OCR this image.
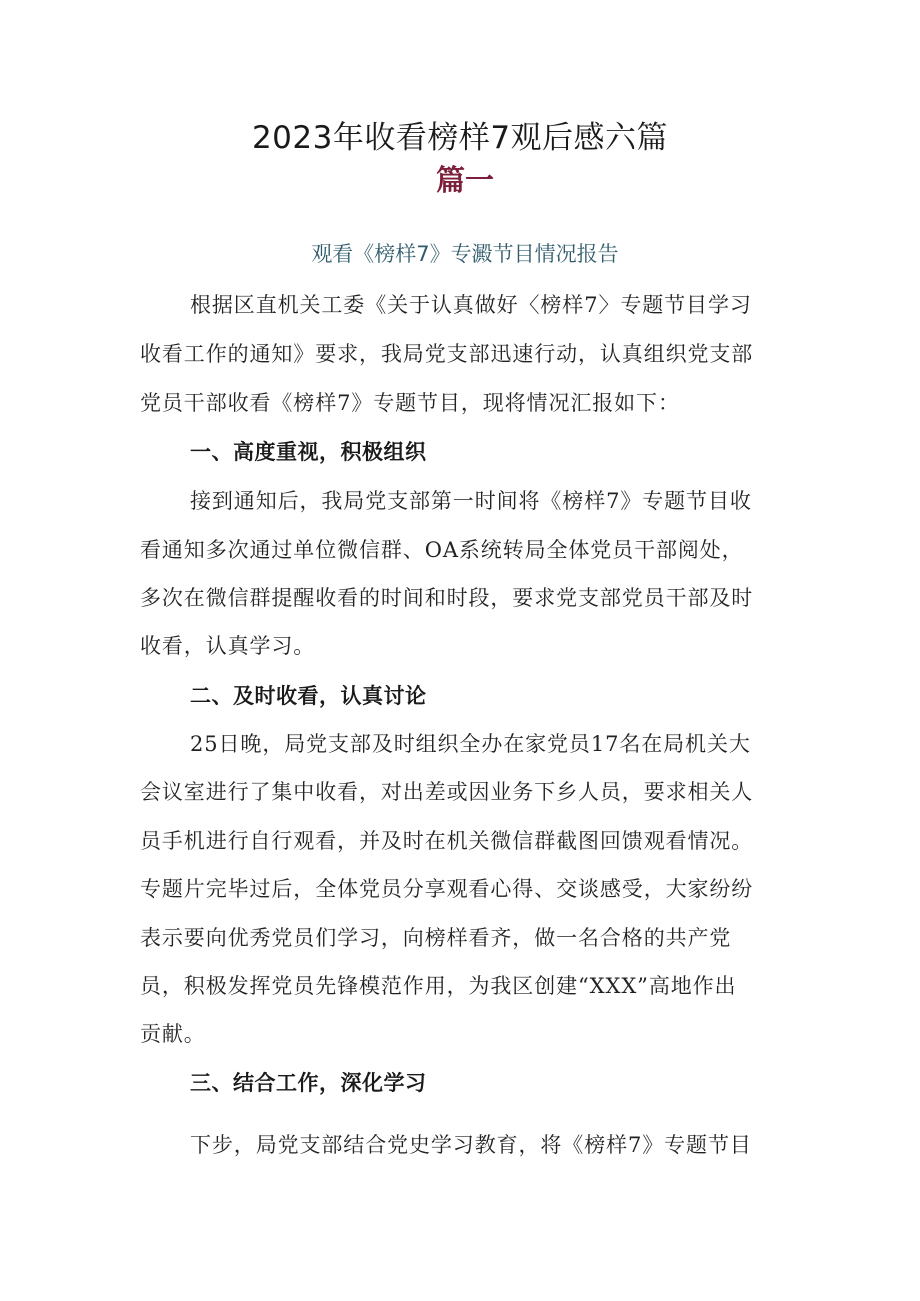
2023年收看榜样7观后感六篇
篇一
观看《榜样7》专澱节目情况报告
根据区直机关工委《关于认真做好〈榜样7〉专题节目学习
收看工作的通知》要求，我局党支部迅速行动，认真组织党支部
党员干部收看《榜样7》专题节目，现将情况汇报如下：
一、高度重视，积极组织
接到通知后，我局党支部第一时间将《榜样7》专题节目收
看通知多次通过单位微信群、OA系统转局全体党员干部阅处，
多次在微信群提醒收看的时间和时段，要求党支部党员干部及时
收看，认真学习。
二、及时收看，认真讨论
25日晚，局党支部及时组织全办在家党员17名在局机关大
会议室进行了集中收看，对出差或因业务下乡人员，要求相关人
员手机进行自行观看，并及时在机关微信群截图回馈观看情况。
专题片完毕过后，全体党员分享观看心得、交谈感受，大家纷纷
表示要向优秀党员们学习，向榜样看齐，做一名合格的共产党
员，积极发挥党员先锋模范作用，为我区创建“XXX”高地作出
贡献。
三、结合工作，深化学习
下步，局党支部结合党史学习教育，将《榜样7》专题节目
